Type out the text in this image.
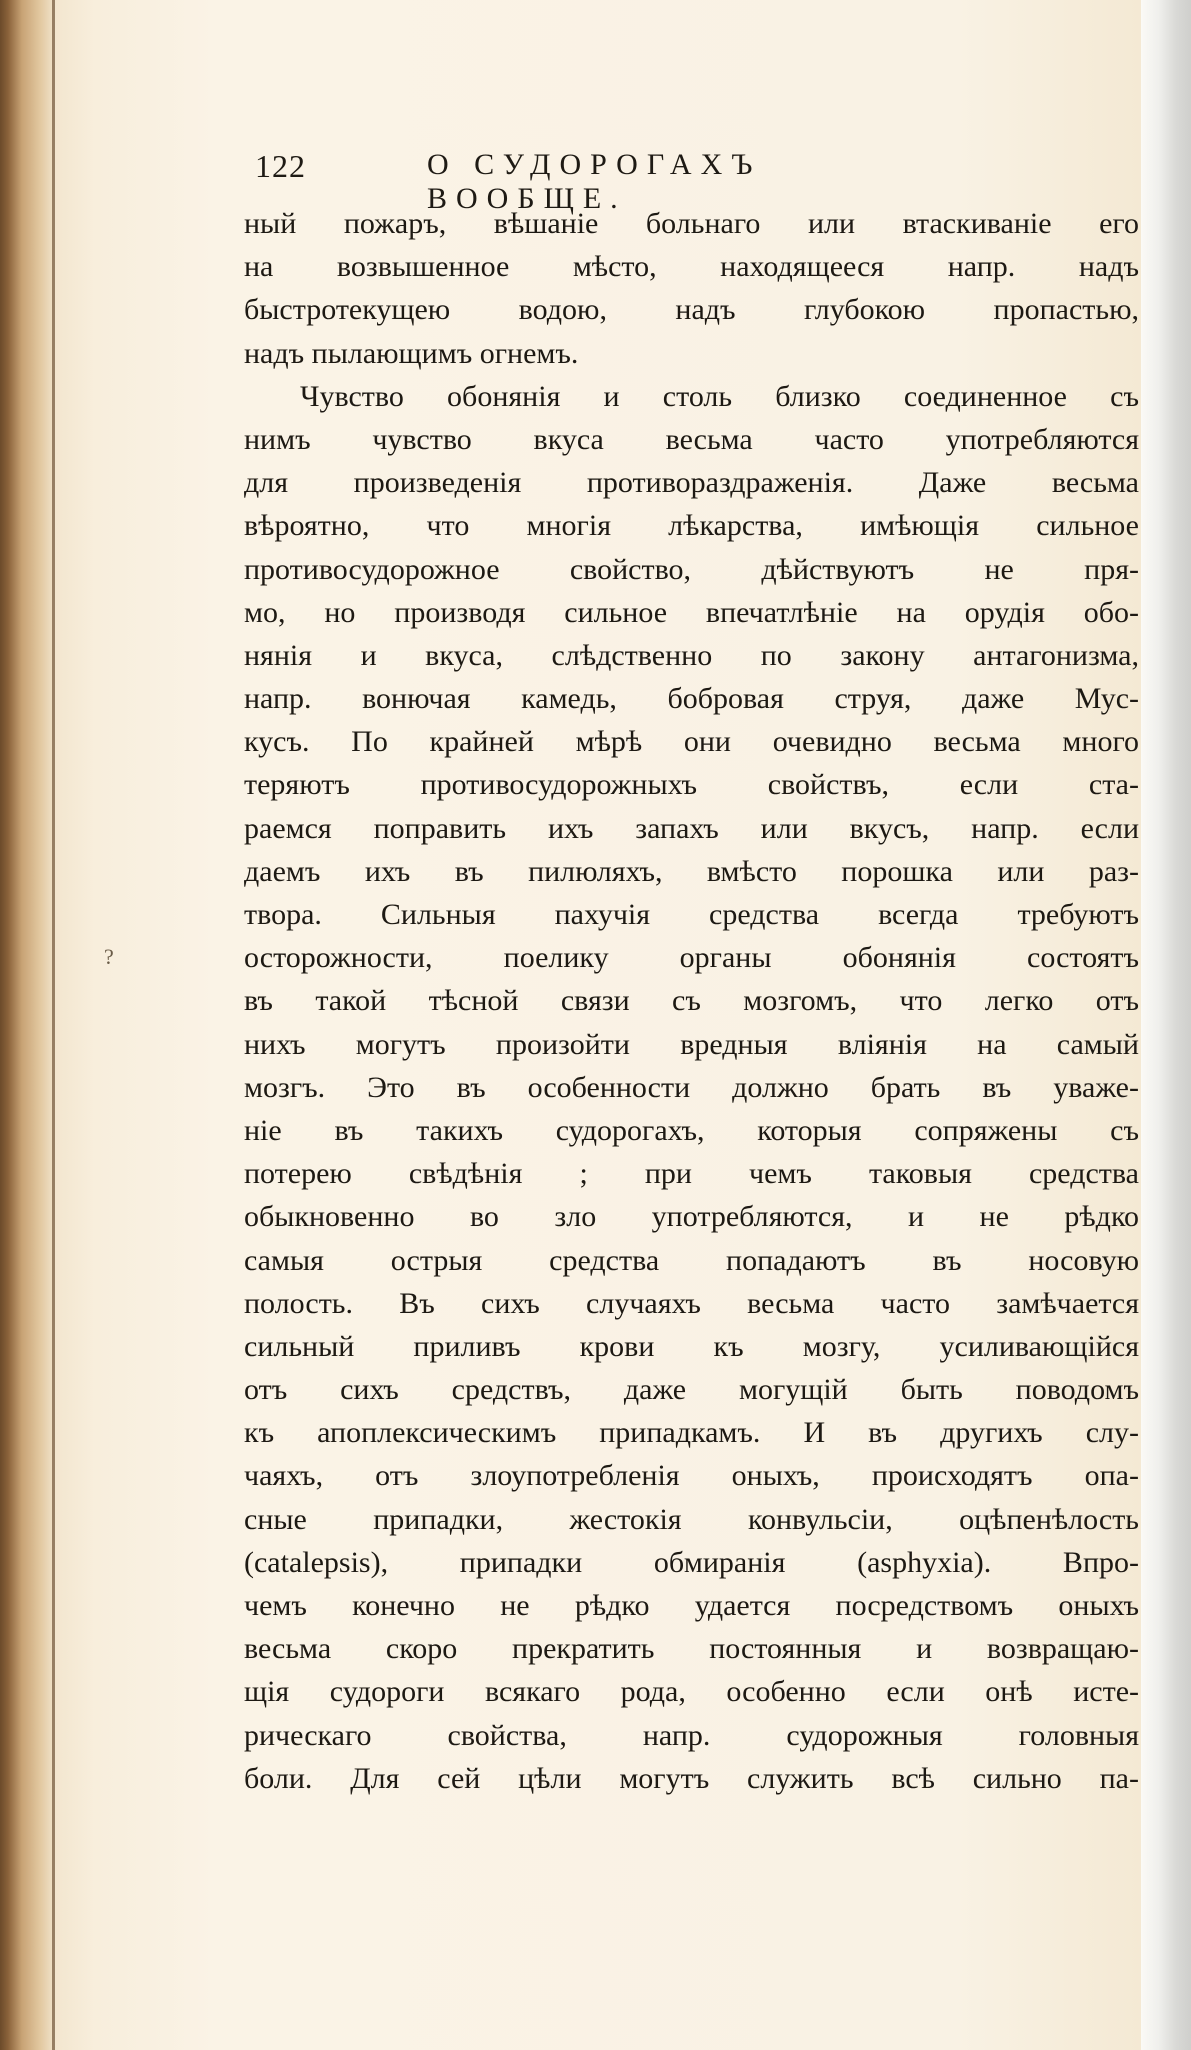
122	О СУДОРОГАХЪ ВООБЩЕ.
ный пожаръ, вѣшаніе больнаго или втаскиваніе его
на возвышенное мѣсто, находящееся напр. надъ
быстротекущею водою, надъ глубокою пропастью,
надъ пылающимъ огнемъ.
Чувство обонянія и столь близко соединенное съ
нимъ чувство вкуса весьма часто употребляются
для произведенія противораздраженія. Даже весьма
вѣроятно, что многія лѣкарства, имѣющія сильное
противосудорожное свойство, дѣйствуютъ не пря-
мо, но производя сильное впечатлѣніе на орудія обо-
нянія и вкуса, слѣдственно по закону антагонизма,
напр. вонючая камедь, бобровая струя, даже Мус-
кусъ. По крайней мѣрѣ они очевидно весьма много
теряютъ противосудорожныхъ свойствъ, если ста-
раемся поправить ихъ запахъ или вкусъ, напр. если
даемъ ихъ въ пилюляхъ, вмѣсто порошка или раз-
твора. Сильныя пахучія средства всегда требуютъ
осторожности, поелику органы обонянія состоятъ
въ такой тѣсной связи съ мозгомъ, что легко отъ
нихъ могутъ произойти вредныя вліянія на самый
мозгъ. Это въ особенности должно брать въ уваже-
ніе въ такихъ судорогахъ, которыя сопряжены съ
потерею свѣдѣнія ; при чемъ таковыя средства
обыкновенно во зло употребляются, и не рѣдко
самыя острыя средства попадаютъ въ носовую
полость. Въ сихъ случаяхъ весьма часто замѣчается
сильный приливъ крови къ мозгу, усиливающійся
отъ сихъ средствъ, даже могущій быть поводомъ
къ апоплексическимъ припадкамъ. И въ другихъ слу-
чаяхъ, отъ злоупотребленія оныхъ, происходятъ опа-
сные припадки, жестокія конвульсіи, оцѣпенѣлость
(catalepsis), припадки обмиранія (asphyxia). Впро-
чемъ конечно не рѣдко удается посредствомъ оныхъ
весьма скоро прекратить постоянныя и возвращаю-
щія судороги всякаго рода, особенно если онѣ исте-
рическаго свойства, напр. судорожныя головныя
боли. Для сей цѣли могутъ служить всѣ сильно па-
?
